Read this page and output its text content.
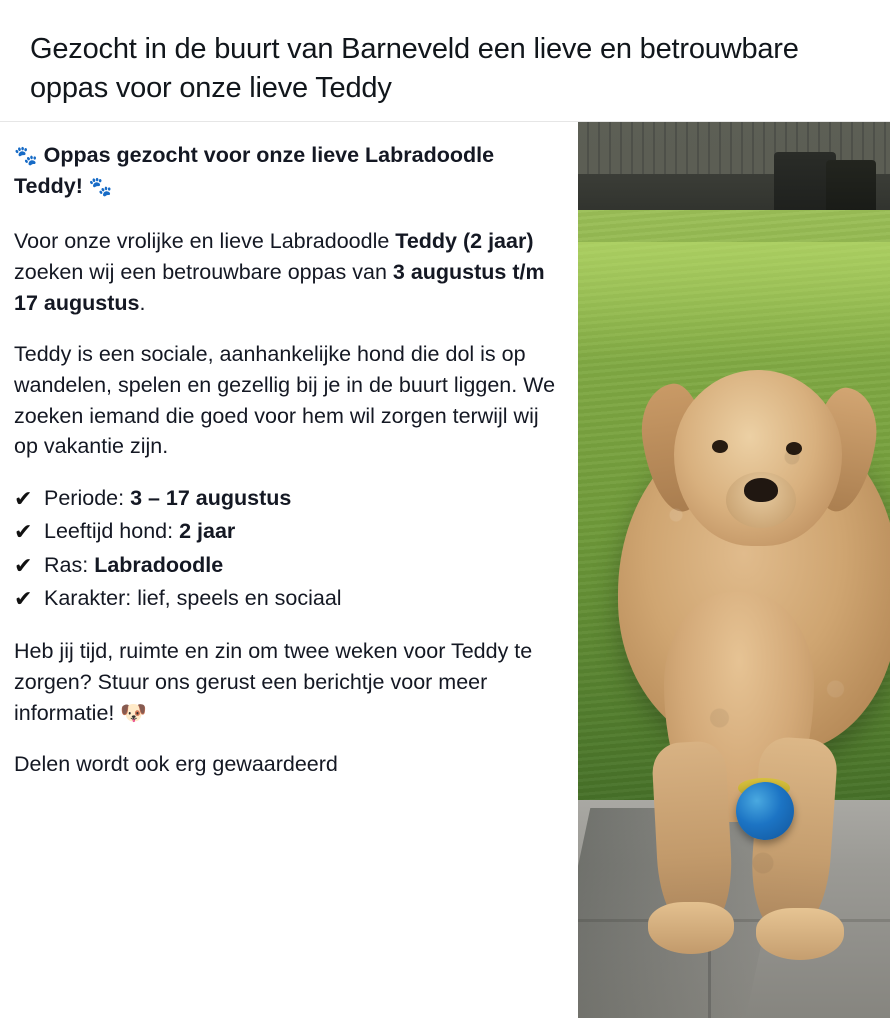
Gezocht in de buurt van Barneveld een lieve en betrouwbare oppas voor onze lieve Teddy
🐾 Oppas gezocht voor onze lieve Labradoodle Teddy! 🐾

Voor onze vrolijke en lieve Labradoodle Teddy (2 jaar) zoeken wij een betrouwbare oppas van 3 augustus t/m 17 augustus.

Teddy is een sociale, aanhankelijke hond die dol is op wandelen, spelen en gezellig bij je in de buurt liggen. We zoeken iemand die goed voor hem wil zorgen terwijl wij op vakantie zijn.

✔ Periode: 3 – 17 augustus
✔ Leeftijd hond: 2 jaar
✔ Ras: Labradoodle
✔ Karakter: lief, speels en sociaal

Heb jij tijd, ruimte en zin om twee weken voor Teddy te zorgen? Stuur ons gerust een berichtje voor meer informatie! 🐶

Delen wordt ook erg gewaardeerd
